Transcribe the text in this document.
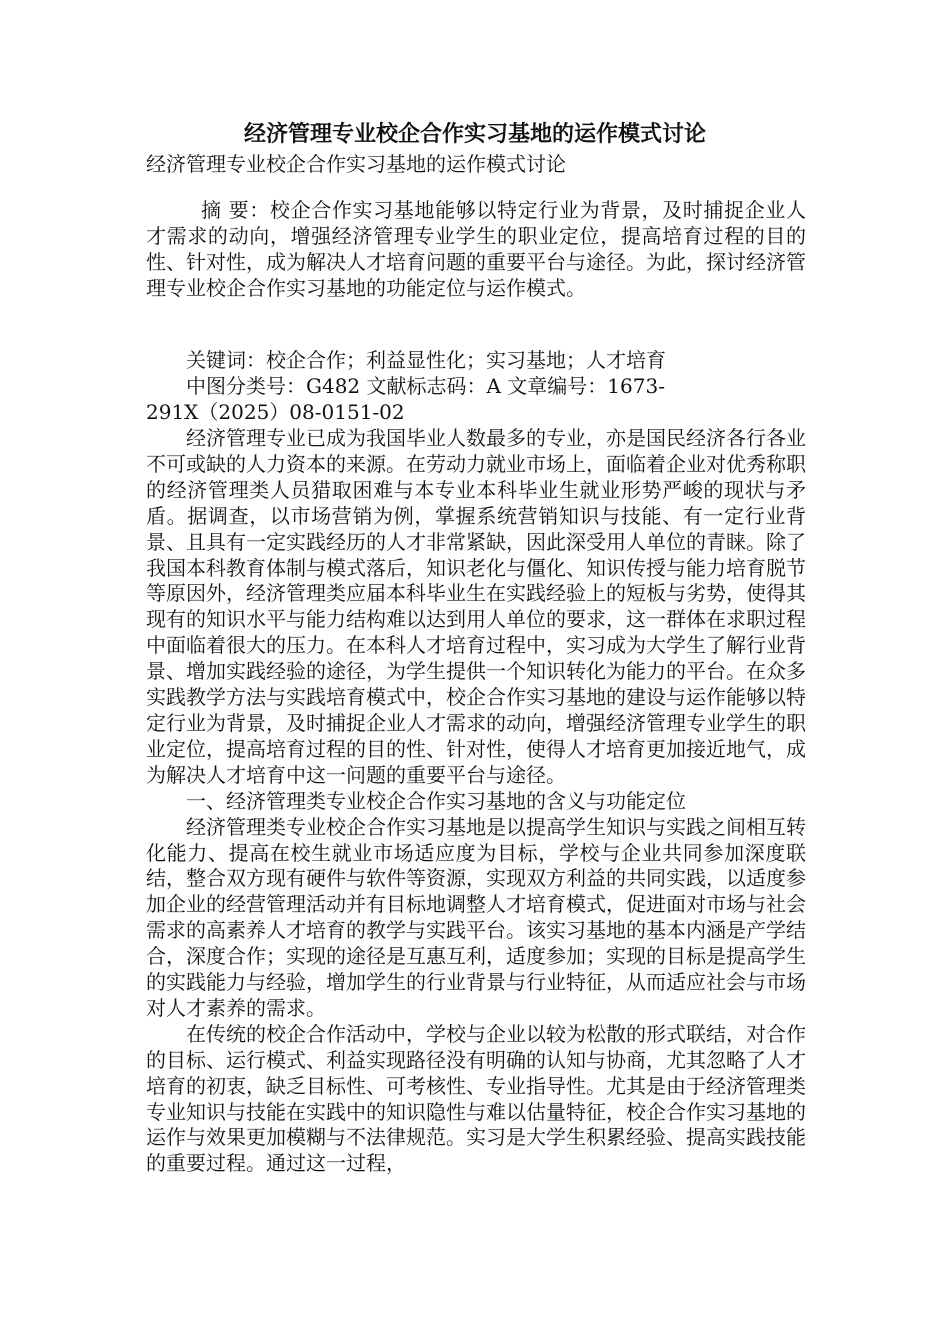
经济管理专业校企合作实习基地的运作模式讨论
经济管理专业校企合作实习基地的运作模式讨论

摘 要：校企合作实习基地能够以特定行业为背景，及时捕捉企业人才需求的动向，增强经济管理专业学生的职业定位，提高培育过程的目的性、针对性，成为解决人才培育问题的重要平台与途径。为此，探讨经济管理专业校企合作实习基地的功能定位与运作模式。

关键词：校企合作；利益显性化；实习基地；人才培育

中图分类号：G482 文献标志码：A 文章编号：1673-

291X（2025）08-0151-02

经济管理专业已成为我国毕业人数最多的专业，亦是国民经济各行各业不可或缺的人力资本的来源。在劳动力就业市场上，面临着企业对优秀称职的经济管理类人员猎取困难与本专业本科毕业生就业形势严峻的现状与矛盾。据调查，以市场营销为例，掌握系统营销知识与技能、有一定行业背景、且具有一定实践经历的人才非常紧缺，因此深受用人单位的青睐。除了我国本科教育体制与模式落后，知识老化与僵化、知识传授与能力培育脱节等原因外，经济管理类应届本科毕业生在实践经验上的短板与劣势，使得其现有的知识水平与能力结构难以达到用人单位的要求，这一群体在求职过程中面临着很大的压力。在本科人才培育过程中，实习成为大学生了解行业背景、增加实践经验的途径，为学生提供一个知识转化为能力的平台。在众多实践教学方法与实践培育模式中，校企合作实习基地的建设与运作能够以特定行业为背景，及时捕捉企业人才需求的动向，增强经济管理专业学生的职业定位，提高培育过程的目的性、针对性，使得人才培育更加接近地气，成为解决人才培育中这一问题的重要平台与途径。

一、经济管理类专业校企合作实习基地的含义与功能定位

经济管理类专业校企合作实习基地是以提高学生知识与实践之间相互转化能力、提高在校生就业市场适应度为目标，学校与企业共同参加深度联结，整合双方现有硬件与软件等资源，实现双方利益的共同实践，以适度参加企业的经营管理活动并有目标地调整人才培育模式，促进面对市场与社会需求的高素养人才培育的教学与实践平台。该实习基地的基本内涵是产学结合，深度合作；实现的途径是互惠互利，适度参加；实现的目标是提高学生的实践能力与经验，增加学生的行业背景与行业特征，从而适应社会与市场对人才素养的需求。

在传统的校企合作活动中，学校与企业以较为松散的形式联结，对合作的目标、运行模式、利益实现路径没有明确的认知与协商，尤其忽略了人才培育的初衷，缺乏目标性、可考核性、专业指导性。尤其是由于经济管理类专业知识与技能在实践中的知识隐性与难以估量特征，校企合作实习基地的运作与效果更加模糊与不法律规范。实习是大学生积累经验、提高实践技能的重要过程。通过这一过程，
